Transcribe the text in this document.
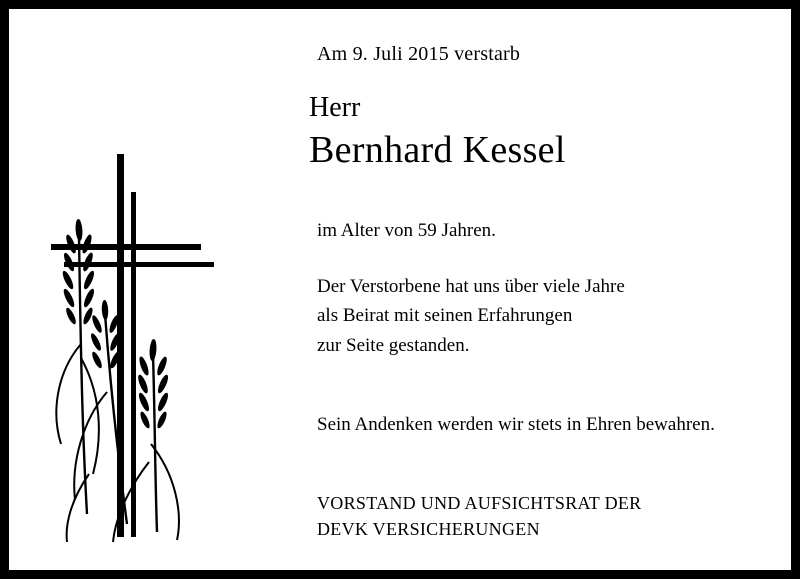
Am 9. Juli 2015 verstarb

Herr

Bernhard Kessel

im Alter von 59 Jahren.

Der Verstorbene hat uns über viele Jahre
als Beirat mit seinen Erfahrungen
zur Seite gestanden.

Sein Andenken werden wir stets in Ehren bewahren.

VORSTAND UND AUFSICHTSRAT DER
DEVK VERSICHERUNGEN
